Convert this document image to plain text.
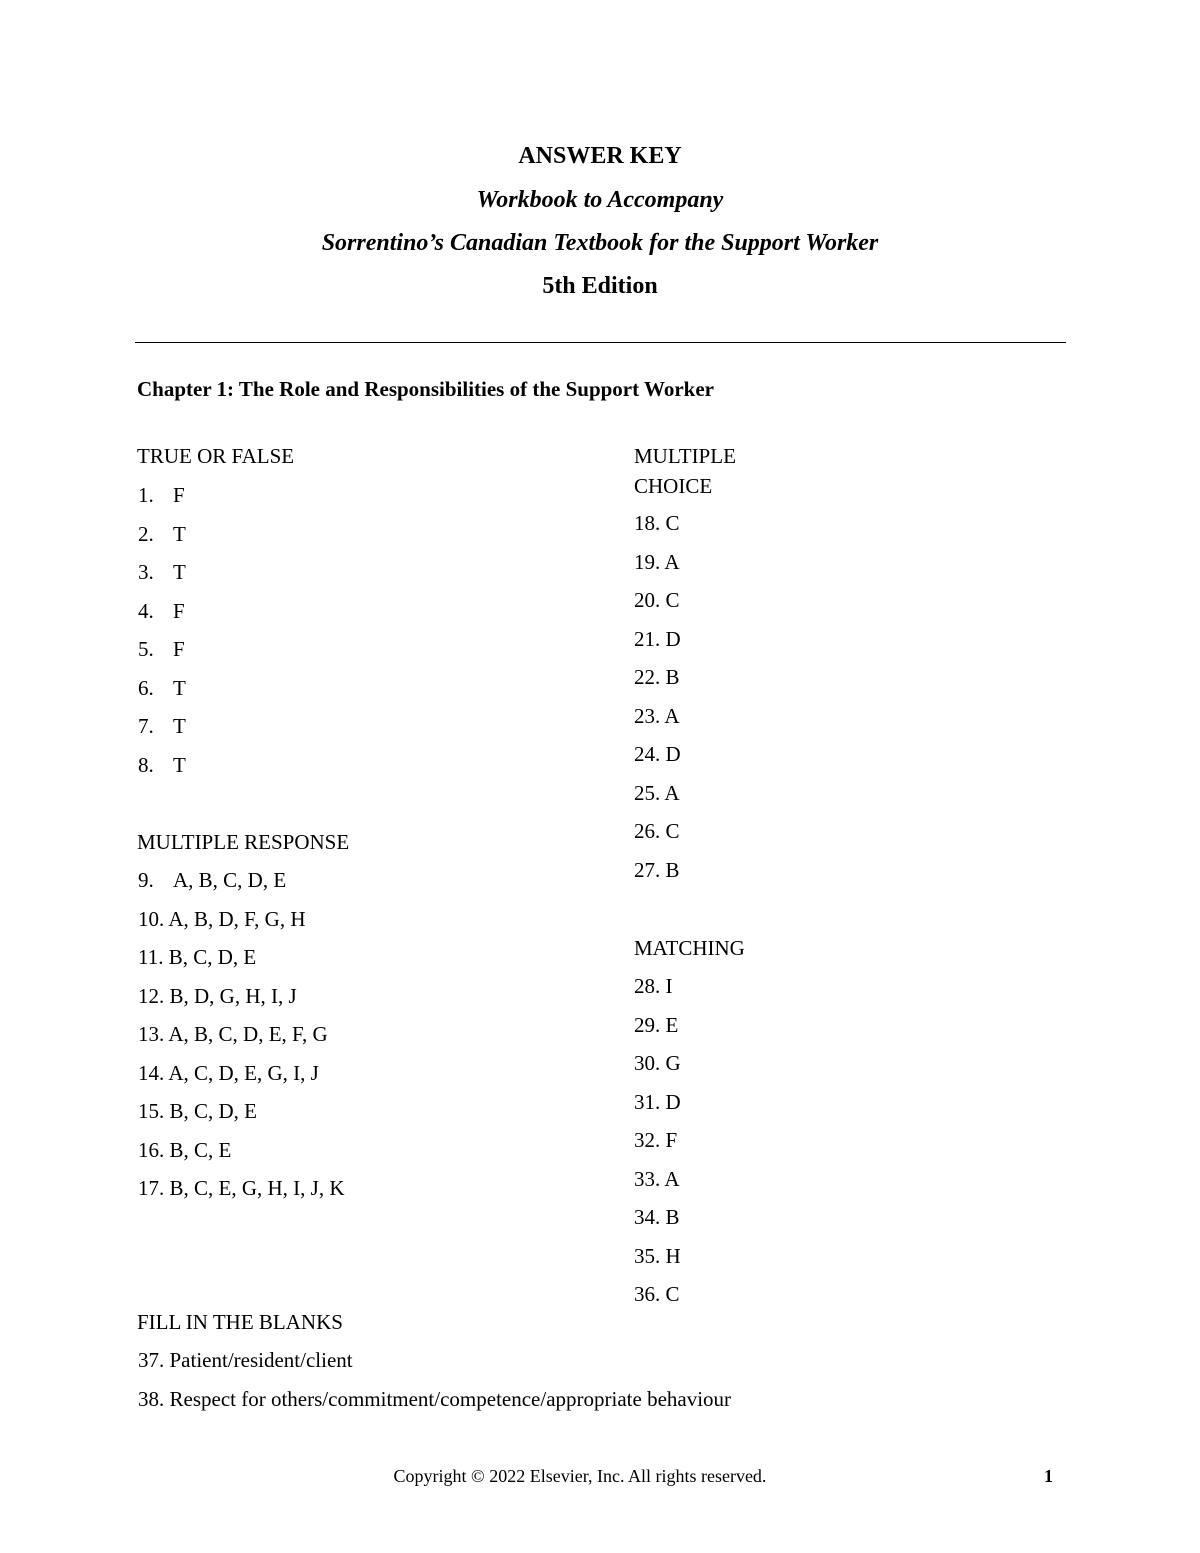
ANSWER KEY
Workbook to Accompany
Sorrentino’s Canadian Textbook for the Support Worker
5th Edition
Chapter 1: The Role and Responsibilities of the Support Worker
TRUE OR FALSE
1. F
2. T
3. T
4. F
5. F
6. T
7. T
8. T
MULTIPLE RESPONSE
9. A, B, C, D, E
10. A, B, D, F, G, H
11. B, C, D, E
12. B, D, G, H, I, J
13. A, B, C, D, E, F, G
14. A, C, D, E, G, I, J
15. B, C, D, E
16. B, C, E
17. B, C, E, G, H, I, J, K
MULTIPLE
CHOICE
18. C
19. A
20. C
21. D
22. B
23. A
24. D
25. A
26. C
27. B
MATCHING
28. I
29. E
30. G
31. D
32. F
33. A
34. B
35. H
36. C
FILL IN THE BLANKS
37. Patient/resident/client
38. Respect for others/commitment/competence/appropriate behaviour
Copyright © 2022 Elsevier, Inc. All rights reserved.	1
